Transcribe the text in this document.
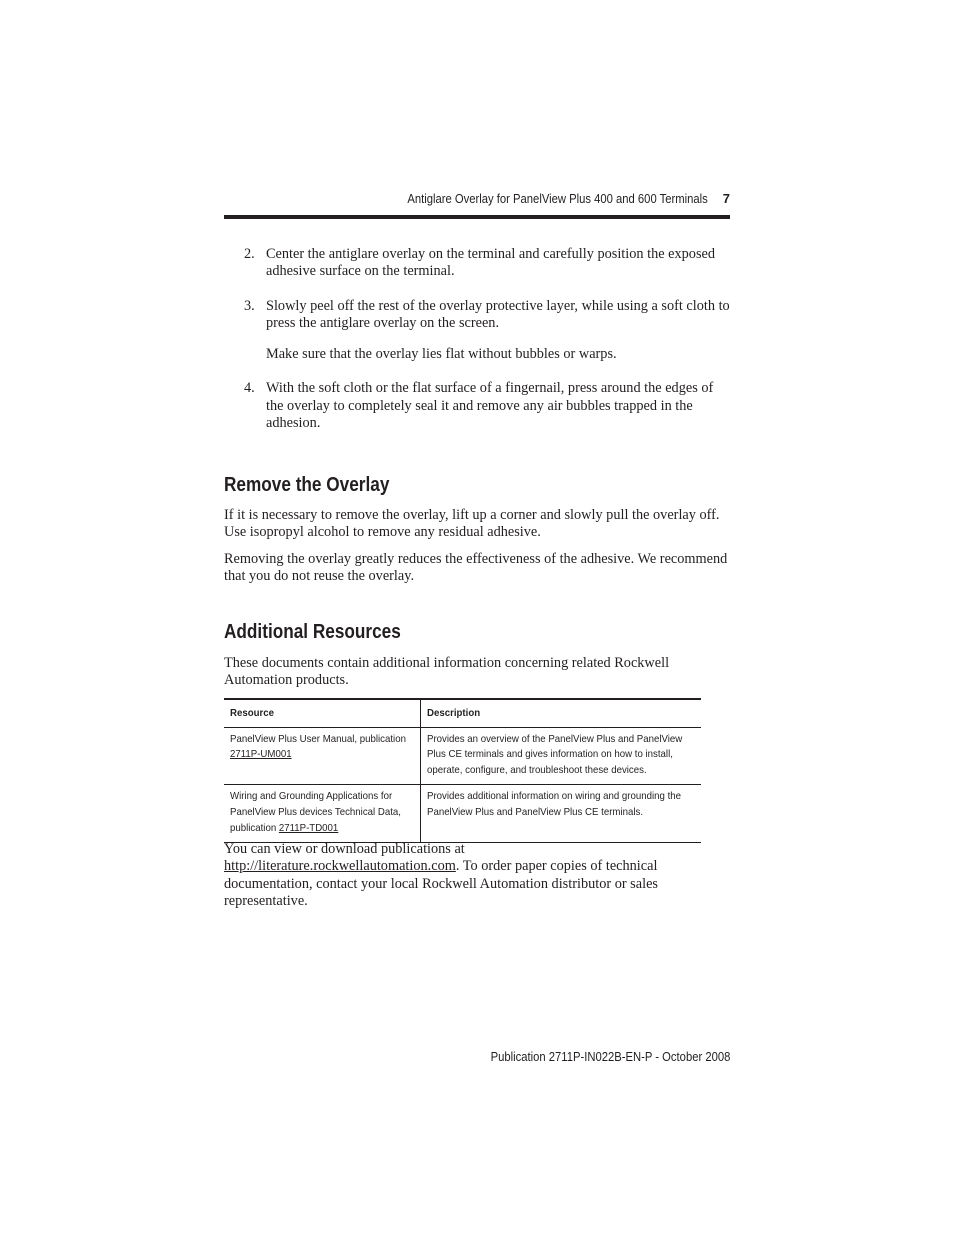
Antiglare Overlay for PanelView Plus 400 and 600 Terminals 7
2. Center the antiglare overlay on the terminal and carefully position the exposed adhesive surface on the terminal.
3. Slowly peel off the rest of the overlay protective layer, while using a soft cloth to press the antiglare overlay on the screen.
Make sure that the overlay lies flat without bubbles or warps.
4. With the soft cloth or the flat surface of a fingernail, press around the edges of the overlay to completely seal it and remove any air bubbles trapped in the adhesion.
Remove the Overlay
If it is necessary to remove the overlay, lift up a corner and slowly pull the overlay off. Use isopropyl alcohol to remove any residual adhesive.
Removing the overlay greatly reduces the effectiveness of the adhesive. We recommend that you do not reuse the overlay.
Additional Resources
These documents contain additional information concerning related Rockwell Automation products.
Resource	Description
PanelView Plus User Manual, publication 2711P-UM001	Provides an overview of the PanelView Plus and PanelView Plus CE terminals and gives information on how to install, operate, configure, and troubleshoot these devices.
Wiring and Grounding Applications for PanelView Plus devices Technical Data, publication 2711P-TD001	Provides additional information on wiring and grounding the PanelView Plus and PanelView Plus CE terminals.
You can view or download publications at
http://literature.rockwellautomation.com. To order paper copies of technical documentation, contact your local Rockwell Automation distributor or sales representative.
Publication 2711P-IN022B-EN-P - October 2008
